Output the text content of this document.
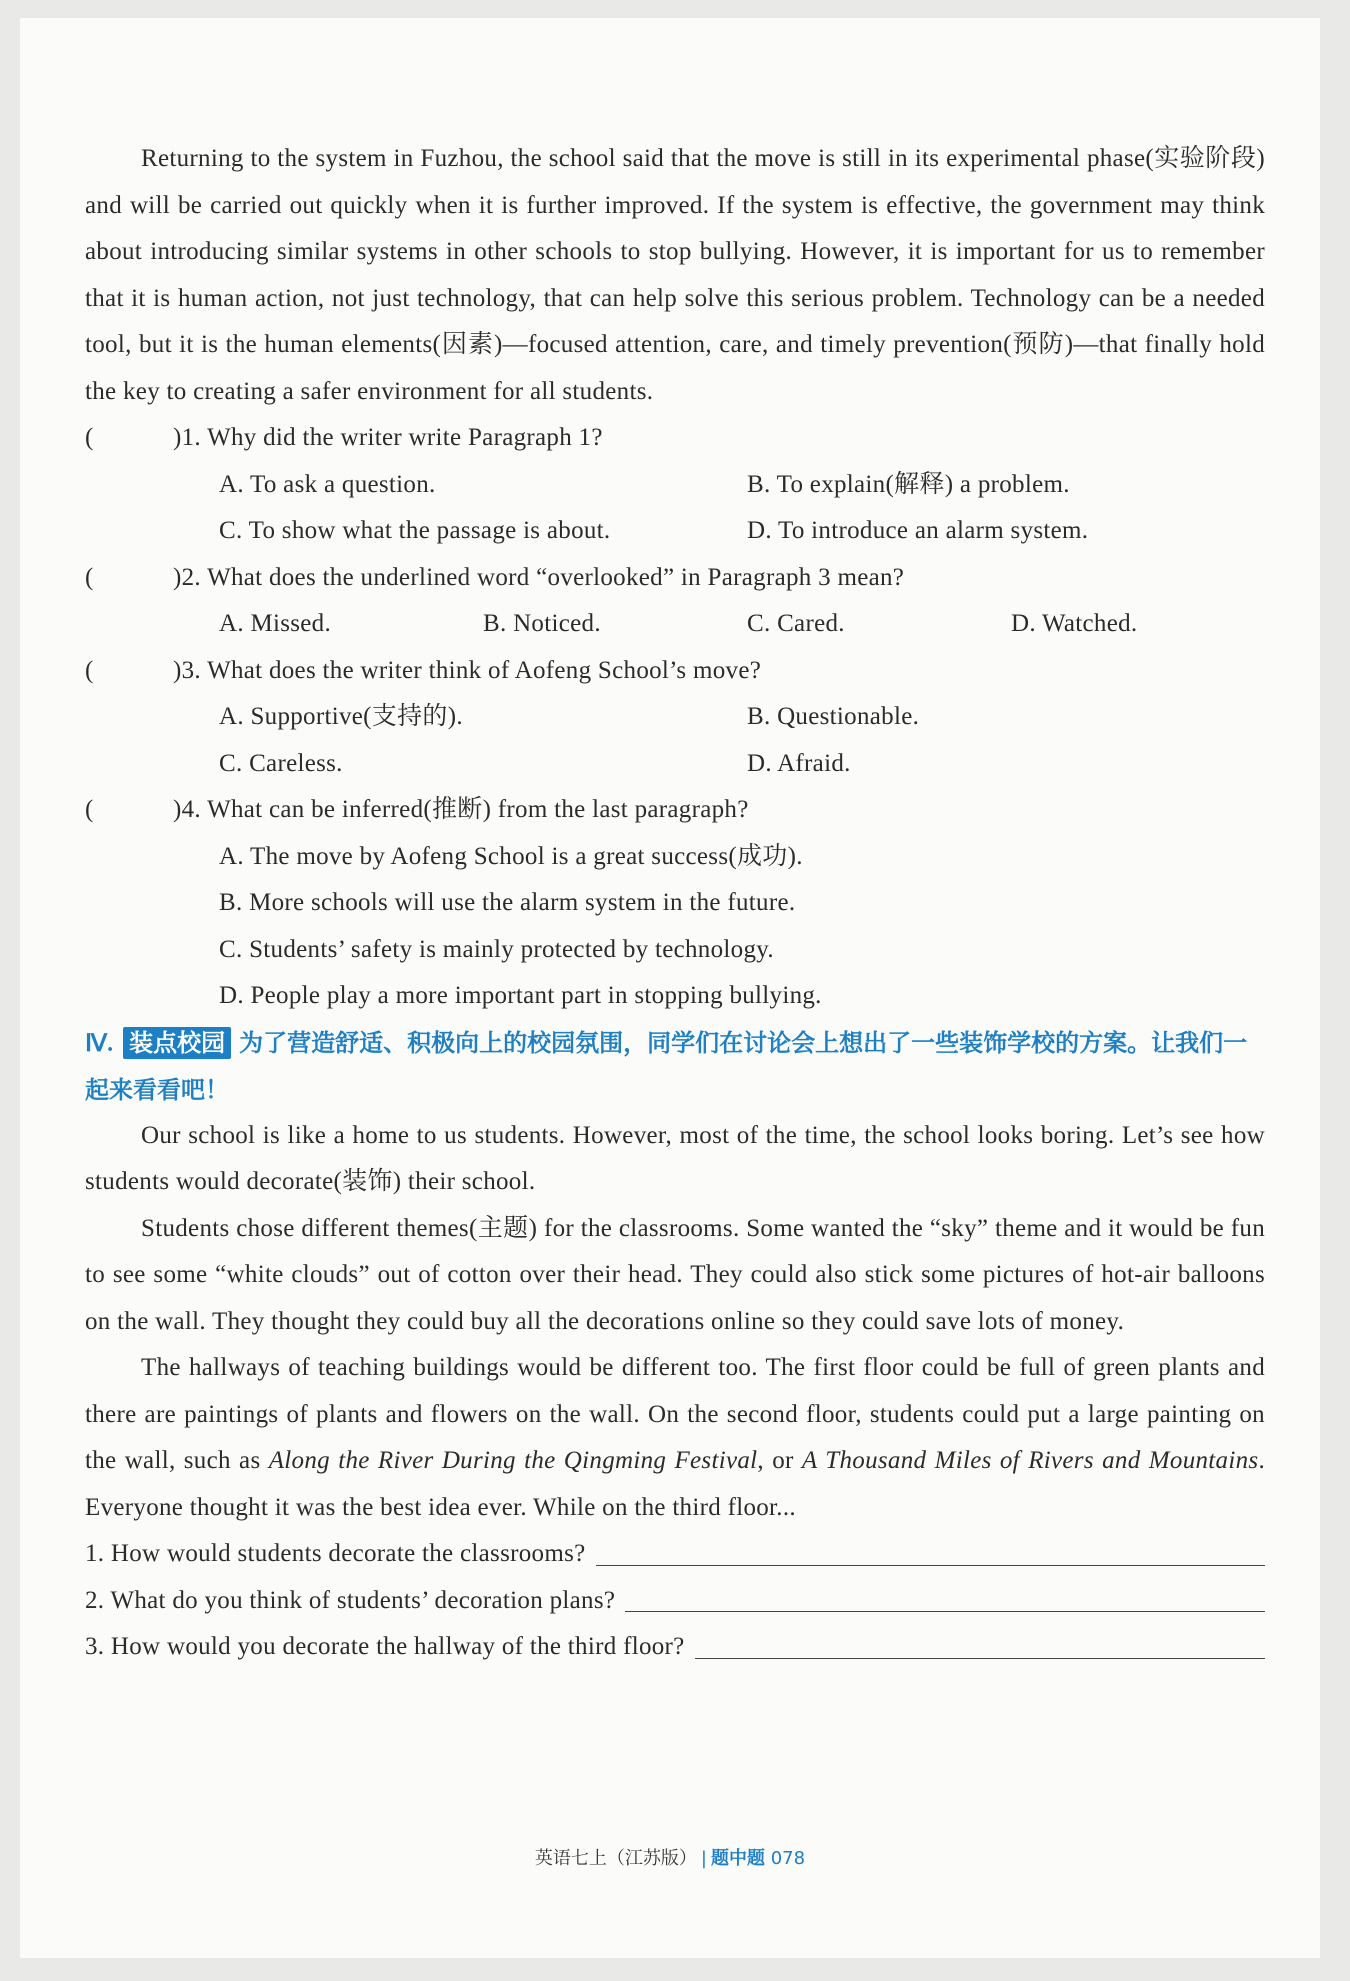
Returning to the system in Fuzhou, the school said that the move is still in its experimental phase(实验阶段) and will be carried out quickly when it is further improved. If the system is effective, the government may think about introducing similar systems in other schools to stop bullying. However, it is important for us to remember that it is human action, not just technology, that can help solve this serious problem. Technology can be a needed tool, but it is the human elements(因素)—focused attention, care, and timely prevention(预防)—that finally hold the key to creating a safer environment for all students.

(	)1. Why did the writer write Paragraph 1?
A. To ask a question.	B. To explain(解释) a problem.
C. To show what the passage is about.	D. To introduce an alarm system.
(	)2. What does the underlined word “overlooked” in Paragraph 3 mean?
A. Missed.	B. Noticed.	C. Cared.	D. Watched.
(	)3. What does the writer think of Aofeng School’s move?
A. Supportive(支持的).	B. Questionable.
C. Careless.	D. Afraid.
(	)4. What can be inferred(推断) from the last paragraph?
A. The move by Aofeng School is a great success(成功).
B. More schools will use the alarm system in the future.
C. Students’ safety is mainly protected by technology.
D. People play a more important part in stopping bullying.
Ⅳ. 装点校园 为了营造舒适、积极向上的校园氛围，同学们在讨论会上想出了一些装饰学校的方案。让我们一起来看看吧！

Our school is like a home to us students. However, most of the time, the school looks boring. Let’s see how students would decorate(装饰) their school.

Students chose different themes(主题) for the classrooms. Some wanted the “sky” theme and it would be fun to see some “white clouds” out of cotton over their head. They could also stick some pictures of hot-air balloons on the wall. They thought they could buy all the decorations online so they could save lots of money.

The hallways of teaching buildings would be different too. The first floor could be full of green plants and there are paintings of plants and flowers on the wall. On the second floor, students could put a large painting on the wall, such as Along the River During the Qingming Festival, or A Thousand Miles of Rivers and Mountains. Everyone thought it was the best idea ever. While on the third floor...

1. How would students decorate the classrooms?
2. What do you think of students’ decoration plans?
3. How would you decorate the hallway of the third floor?
英语七上（江苏版） | 题中题 078
